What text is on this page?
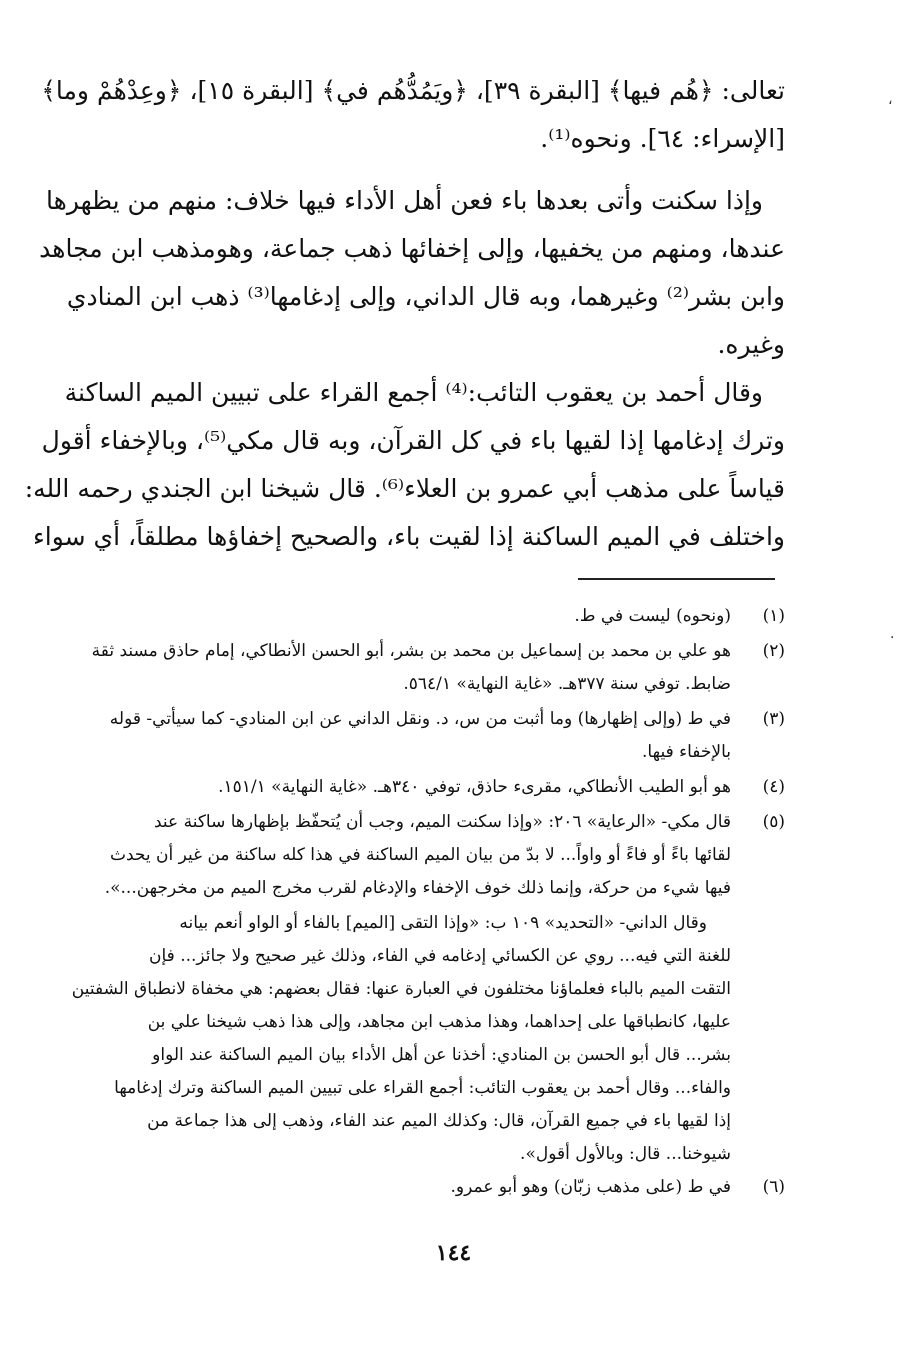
تعالى: ﴿هُم فيها﴾ [البقرة ٣٩]، ﴿ويَمُدُّهُم في﴾ [البقرة ١٥]، ﴿وعِدْهُمْ وما﴾
[الإسراء: ٦٤]. ونحوه⁽¹⁾.
وإذا سكنت وأتى بعدها باء فعن أهل الأداء فيها خلاف: منهم من يظهرها
عندها، ومنهم من يخفيها، وإلى إخفائها ذهب جماعة، وهومذهب ابن مجاهد
وابن بشر⁽²⁾ وغيرهما، وبه قال الداني، وإلى إدغامها⁽³⁾ ذهب ابن المنادي
وغيره.
وقال أحمد بن يعقوب التائب:⁽⁴⁾ أجمع القراء على تبيين الميم الساكنة
وترك إدغامها إذا لقيها باء في كل القرآن، وبه قال مكي⁽⁵⁾، وبالإخفاء أقول
قياساً على مذهب أبي عمرو بن العلاء⁽⁶⁾. قال شيخنا ابن الجندي رحمه الله:
واختلف في الميم الساكنة إذا لقيت باء، والصحيح إخفاؤها مطلقاً، أي سواء
(١)
(ونحوه) ليست في ط.
(٢)
هو علي بن محمد بن إسماعيل بن محمد بن بشر، أبو الحسن الأنطاكي، إمام حاذق مسند ثقة
ضابط. توفي سنة ٣٧٧هـ. «غاية النهاية» ٥٦٤/١.
(٣)
في ط (وإلى إظهارها) وما أثبت من س، د. ونقل الداني عن ابن المنادي- كما سيأتي- قوله
بالإخفاء فيها.
(٤)
هو أبو الطيب الأنطاكي، مقرىء حاذق، توفي ٣٤٠هـ. «غاية النهاية» ١٥١/١.
(٥)
قال مكي- «الرعاية» ٢٠٦: «وإذا سكنت الميم، وجب أن يُتحفّظ بإظهارها ساكنة عند
لقائها باءً أو فاءً أو واواً... لا بدّ من بيان الميم الساكنة في هذا كله ساكنة من غير أن يحدث
فيها شيء من حركة، وإنما ذلك خوف الإخفاء والإدغام لقرب مخرج الميم من مخرجهن...».
وقال الداني- «التحديد» ١٠٩ ب: «وإذا التقى [الميم] بالفاء أو الواو أنعم بيانه
للغنة التي فيه... روي عن الكسائي إدغامه في الفاء، وذلك غير صحيح ولا جائز... فإن
التقت الميم بالباء فعلماؤنا مختلفون في العبارة عنها: فقال بعضهم: هي مخفاة لانطباق الشفتين
عليها، كانطباقها على إحداهما، وهذا مذهب ابن مجاهد، وإلى هذا ذهب شيخنا علي بن
بشر... قال أبو الحسن بن المنادي: أخذنا عن أهل الأداء بيان الميم الساكنة عند الواو
والفاء... وقال أحمد بن يعقوب التائب: أجمع القراء على تبيين الميم الساكنة وترك إدغامها
إذا لقيها باء في جميع القرآن، قال: وكذلك الميم عند الفاء، وذهب إلى هذا جماعة من
شيوخنا... قال: وبالأول أقول».
(٦)
في ط (على مذهب زبّان) وهو أبو عمرو.
١٤٤
،
·
